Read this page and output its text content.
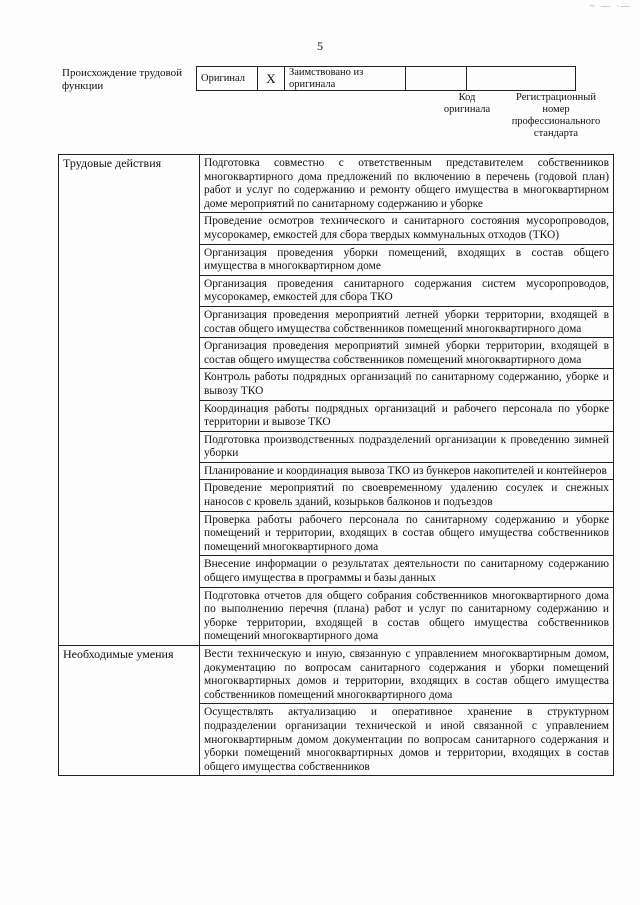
~ — ·—
5
Происхождение трудовой функции
Оригинал	X	Заимствовано из оригинала		
Код оригинала
Регистрационный номер профессионального стандарта
Трудовые действия	Подготовка совместно с ответственным представителем собственников многоквартирного дома предложений по включению в перечень (годовой план) работ и услуг по содержанию и ремонту общего имущества в многоквартирном доме мероприятий по санитарному содержанию и уборке
	Проведение осмотров технического и санитарного состояния мусоропроводов, мусорокамер, емкостей для сбора твердых коммунальных отходов (ТКО)
	Организация проведения уборки помещений, входящих в состав общего имущества в многоквартирном доме
	Организация проведения санитарного содержания систем мусоропроводов, мусорокамер, емкостей для сбора ТКО
	Организация проведения мероприятий летней уборки территории, входящей в состав общего имущества собственников помещений многоквартирного дома
	Организация проведения мероприятий зимней уборки территории, входящей в состав общего имущества собственников помещений многоквартирного дома
	Контроль работы подрядных организаций по санитарному содержанию, уборке и вывозу ТКО
	Координация работы подрядных организаций и рабочего персонала по уборке территории и вывозе ТКО
	Подготовка производственных подразделений организации к проведению зимней уборки
	Планирование и координация вывоза ТКО из бункеров накопителей и контейнеров
	Проведение мероприятий по своевременному удалению сосулек и снежных наносов с кровель зданий, козырьков балконов и подъездов
	Проверка работы рабочего персонала по санитарному содержанию и уборке помещений и территории, входящих в состав общего имущества собственников помещений многоквартирного дома
	Внесение информации о результатах деятельности по санитарному содержанию общего имущества в программы и базы данных
	Подготовка отчетов для общего собрания собственников многоквартирного дома по выполнению перечня (плана) работ и услуг по санитарному содержанию и уборке территории, входящей в состав общего имущества собственников помещений многоквартирного дома
Необходимые умения	Вести техническую и иную, связанную с управлением многоквартирным домом, документацию по вопросам санитарного содержания и уборки помещений многоквартирных домов и территории, входящих в состав общего имущества собственников помещений многоквартирного дома
	Осуществлять актуализацию и оперативное хранение в структурном подразделении организации технической и иной связанной с управлением многоквартирным домом документации по вопросам санитарного содержания и уборки помещений многоквартирных домов и территории, входящих в состав общего имущества собственников
